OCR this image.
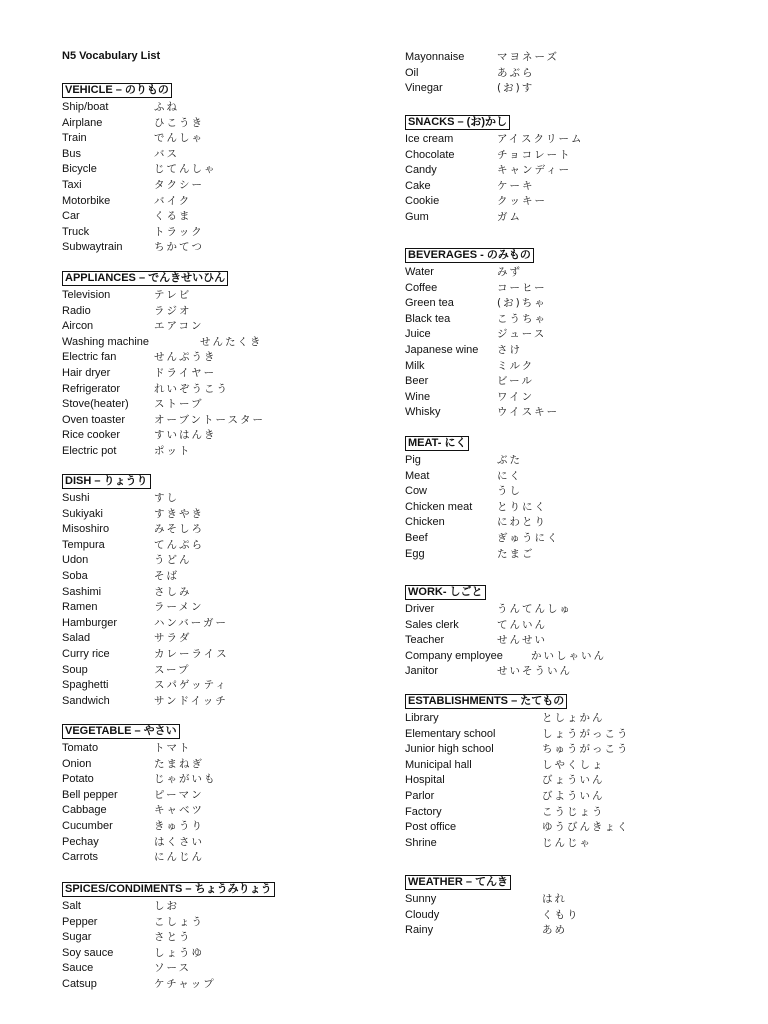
N5 Vocabulary List
VEHICLE – のりもの
Ship/boat	ふね
Airplane	ひこうき
Train	でんしゃ
Bus	バス
Bicycle	じてんしゃ
Taxi	タクシー
Motorbike	バイク
Car	くるま
Truck	トラック
Subwaytrain	ちかてつ
APPLIANCES – でんきせいひん
Television	テレビ
Radio	ラジオ
Aircon	エアコン
Washing machine	せんたくき
Electric fan	せんぷうき
Hair dryer	ドライヤー
Refrigerator	れいぞうこう
Stove(heater) ストーブ
Oven toaster	オーブントースター
Rice cooker	すいはんき
Electric pot	ポット
DISH – りょうり
Sushi	すし
Sukiyaki	すきやき
Misoshiro	みそしろ
Tempura	てんぷら
Udon	うどん
Soba	そば
Sashimi	さしみ
Ramen	ラーメン
Hamburger	ハンバーガー
Salad	サラダ
Curry rice	カレーライス
Soup	スープ
Spaghetti	スパゲッティ
Sandwich	サンドイッチ
VEGETABLE – やさい
Tomato	トマト
Onion	たまねぎ
Potato	じゃがいも
Bell pepper	ピーマン
Cabbage	キャベツ
Cucumber	きゅうり
Pechay	はくさい
Carrots	にんじん
SPICES/CONDIMENTS – ちょうみりょう
Salt	しお
Pepper	こしょう
Sugar	さとう
Soy sauce	しょうゆ
Sauce	ソース
Catsup	ケチャップ
Mayonnaise	マヨネーズ
Oil	あぶら
Vinegar	(お)す
SNACKS – (お)かし
Ice cream	アイスクリーム
Chocolate	チョコレート
Candy	キャンディー
Cake	ケーキ
Cookie	クッキー
Gum	ガム
BEVERAGES - のみもの
Water	みず
Coffee	コーヒー
Green tea	(お)ちゃ
Black tea	こうちゃ
Juice	ジュース
Japanese wine さけ
Milk	ミルク
Beer	ビール
Wine	ワイン
Whisky	ウイスキー
MEAT- にく
Pig	ぶた
Meat	にく
Cow	うし
Chicken meat とりにく
Chicken	にわとり
Beef	ぎゅうにく
Egg	たまご
WORK- しごと
Driver	うんてんしゅ
Sales clerk	てんいん
Teacher	せんせい
Company employee	かいしゃいん
Janitor	せいそういん
ESTABLISHMENTS – たてもの
Library	としょかん
Elementary school	しょうがっこう
Junior high school	ちゅうがっこう
Municipal hall	しやくしょ
Hospital	びょういん
Parlor	びよういん
Factory	こうじょう
Post office	ゆうびんきょく
Shrine	じんじゃ
WEATHER – てんき
Sunny	はれ
Cloudy	くもり
Rainy	あめ
